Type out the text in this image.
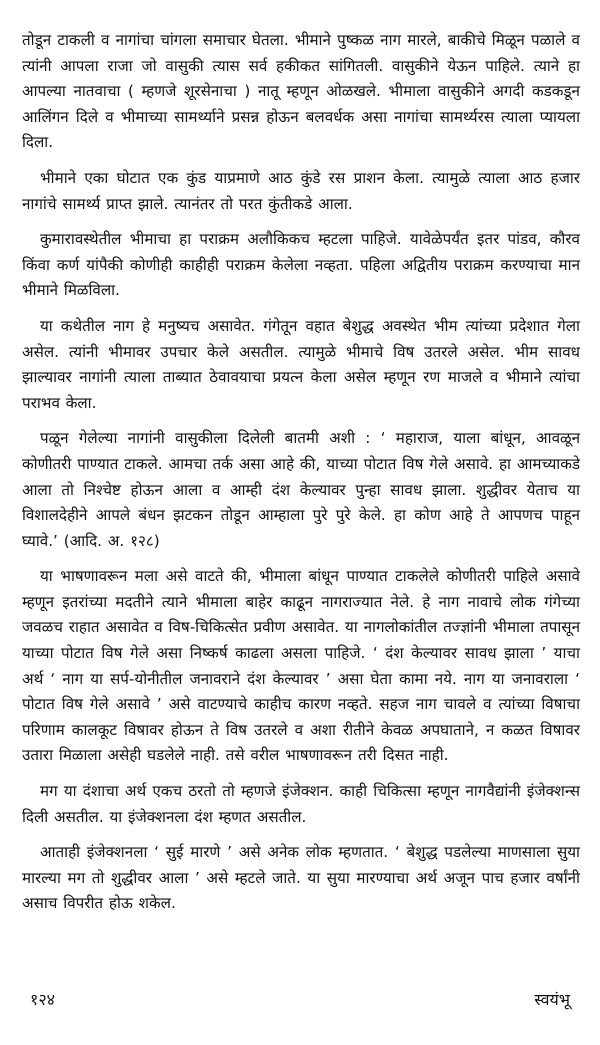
तोडून टाकली व नागांचा चांगला समाचार घेतला. भीमाने पुष्कळ नाग मारले, बाकीचे मिळून पळाले व त्यांनी आपला राजा जो वासुकी त्यास सर्व हकीकत सांगितली. वासुकीने येऊन पाहिले. त्याने हा आपल्या नातवाचा ( म्हणजे शूरसेनाचा ) नातू म्हणून ओळखले. भीमाला वासुकीने अगदी कडकडून आलिंगन दिले व भीमाच्या सामर्थ्याने प्रसन्न होऊन बलवर्धक असा नागांचा सामर्थ्यरस त्याला प्यायला दिला.

भीमाने एका घोटात एक कुंड याप्रमाणे आठ कुंडे रस प्राशन केला. त्यामुळे त्याला आठ हजार नागांचे सामर्थ्य प्राप्त झाले. त्यानंतर तो परत कुंतीकडे आला.

कुमारावस्थेतील भीमाचा हा पराक्रम अलौकिकच म्हटला पाहिजे. यावेळेपर्यंत इतर पांडव, कौरव किंवा कर्ण यांपैकी कोणीही काहीही पराक्रम केलेला नव्हता. पहिला अद्वितीय पराक्रम करण्याचा मान भीमाने मिळविला.

या कथेतील नाग हे मनुष्यच असावेत. गंगेतून वहात बेशुद्ध अवस्थेत भीम त्यांच्या प्रदेशात गेला असेल. त्यांनी भीमावर उपचार केले असतील. त्यामुळे भीमाचे विष उतरले असेल. भीम सावध झाल्यावर नागांनी त्याला ताब्यात ठेवावयाचा प्रयत्न केला असेल म्हणून रण माजले व भीमाने त्यांचा पराभव केला.

पळून गेलेल्या नागांनी वासुकीला दिलेली बातमी अशी : ‘ महाराज, याला बांधून, आवळून कोणीतरी पाण्यात टाकले. आमचा तर्क असा आहे की, याच्या पोटात विष गेले असावे. हा आमच्याकडे आला तो निश्चेष्ट होऊन आला व आम्ही दंश केल्यावर पुन्हा सावध झाला. शुद्धीवर येताच या विशालदेहीने आपले बंधन झटकन तोडून आम्हाला पुरे पुरे केले. हा कोण आहे ते आपणच पाहून घ्यावे.’ (आदि. अ. १२८)

या भाषणावरून मला असे वाटते की, भीमाला बांधून पाण्यात टाकलेले कोणीतरी पाहिले असावे म्हणून इतरांच्या मदतीने त्याने भीमाला बाहेर काढून नागराज्यात नेले. हे नाग नावाचे लोक गंगेच्या जवळच राहात असावेत व विष-चिकित्सेत प्रवीण असावेत. या नागलोकांतील तज्ज्ञांनी भीमाला तपासून याच्या पोटात विष गेले असा निष्कर्ष काढला असला पाहिजे. ‘ दंश केल्यावर सावध झाला ’ याचा अर्थ ‘ नाग या सर्प-योनीतील जनावराने दंश केल्यावर ’ असा घेता कामा नये. नाग या जनावराला ‘ पोटात विष गेले असावे ’ असे वाटण्याचे काहीच कारण नव्हते. सहज नाग चावले व त्यांच्या विषाचा परिणाम कालकूट विषावर होऊन ते विष उतरले व अशा रीतीने केवळ अपघाताने, न कळत विषावर उतारा मिळाला असेही घडलेले नाही. तसे वरील भाषणावरून तरी दिसत नाही.

मग या दंशाचा अर्थ एकच ठरतो तो म्हणजे इंजेक्शन. काही चिकित्सा म्हणून नागवैद्यांनी इंजेक्शन्स दिली असतील. या इंजेक्शनला दंश म्हणत असतील.

आताही इंजेक्शनला ‘ सुई मारणे ’ असे अनेक लोक म्हणतात. ‘ बेशुद्ध पडलेल्या माणसाला सुया मारल्या मग तो शुद्धीवर आला ’ असे म्हटले जाते. या सुया मारण्याचा अर्थ अजून पाच हजार वर्षांनी असाच विपरीत होऊ शकेल.

१२४	स्वयंभू
